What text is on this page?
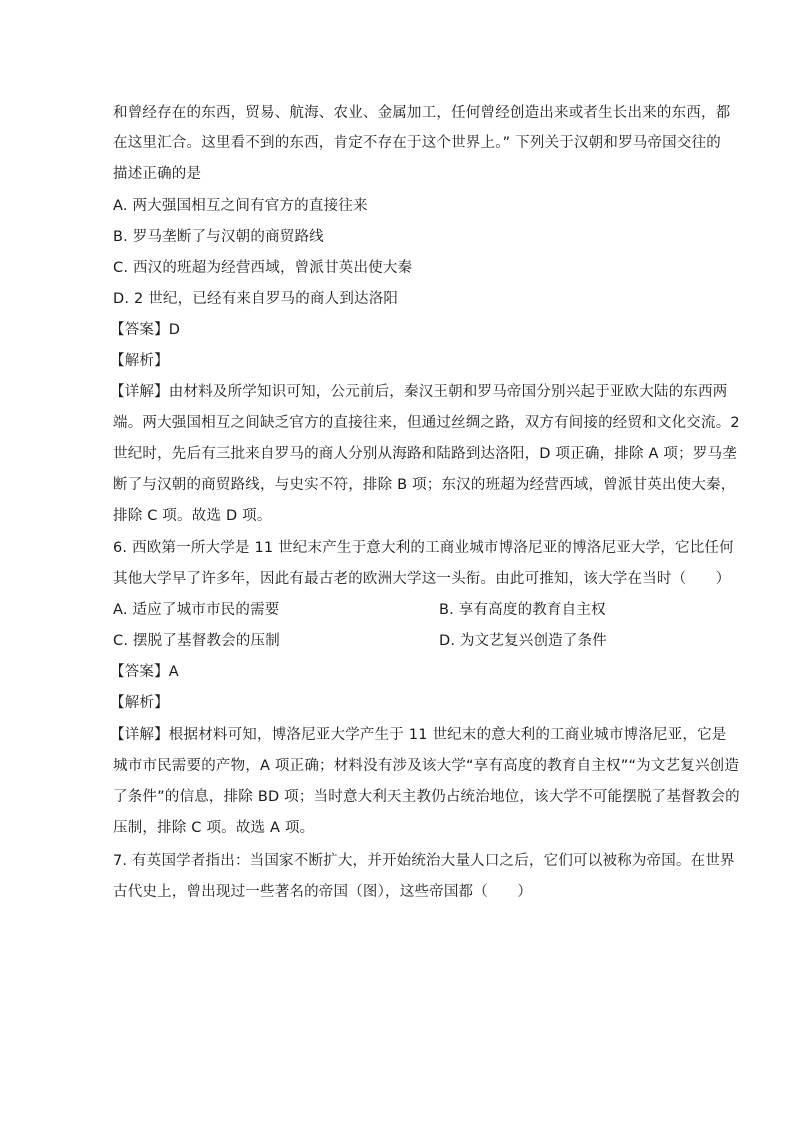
和曾经存在的东西，贸易、航海、农业、金属加工，任何曾经创造出来或者生长出来的东西，都
在这里汇合。这里看不到的东西，肯定不存在于这个世界上。” 下列关于汉朝和罗马帝国交往的
描述正确的是
A. 两大强国相互之间有官方的直接往来
B. 罗马垄断了与汉朝的商贸路线
C. 西汉的班超为经营西域，曾派甘英出使大秦
D. 2 世纪，已经有来自罗马的商人到达洛阳
【答案】D
【解析】
【详解】由材料及所学知识可知，公元前后，秦汉王朝和罗马帝国分别兴起于亚欧大陆的东西两
端。两大强国相互之间缺乏官方的直接往来，但通过丝绸之路，双方有间接的经贸和文化交流。2
世纪时，先后有三批来自罗马的商人分别从海路和陆路到达洛阳，D 项正确，排除 A 项；罗马垄
断了与汉朝的商贸路线，与史实不符，排除 B 项；东汉的班超为经营西域，曾派甘英出使大秦，
排除 C 项。故选 D 项。
6. 西欧第一所大学是 11 世纪末产生于意大利的工商业城市博洛尼亚的博洛尼亚大学，它比任何
其他大学早了许多年，因此有最古老的欧洲大学这一头衔。由此可推知，该大学在当时（　　）
A. 适应了城市市民的需要	B. 享有高度的教育自主权
C. 摆脱了基督教会的压制	D. 为文艺复兴创造了条件
【答案】A
【解析】
【详解】根据材料可知，博洛尼亚大学产生于 11 世纪末的意大利的工商业城市博洛尼亚，它是
城市市民需要的产物，A 项正确；材料没有涉及该大学“享有高度的教育自主权”“为文艺复兴创造
了条件”的信息，排除 BD 项；当时意大利天主教仍占统治地位，该大学不可能摆脱了基督教会的
压制，排除 C 项。故选 A 项。
7. 有英国学者指出：当国家不断扩大，并开始统治大量人口之后，它们可以被称为帝国。在世界
古代史上，曾出现过一些著名的帝国（图），这些帝国都（　　）
